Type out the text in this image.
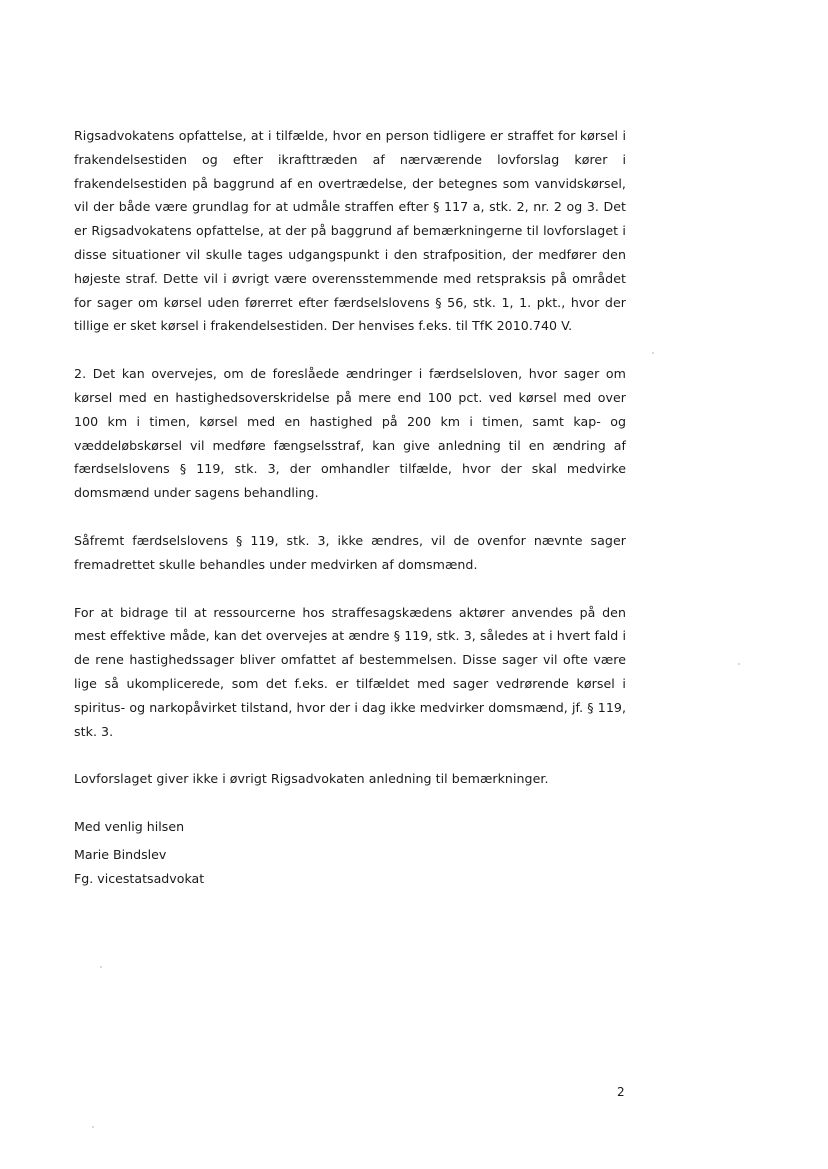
Rigsadvokatens opfattelse, at i tilfælde, hvor en person tidligere er straffet for kørsel i frakendelsestiden og efter ikrafttræden af nærværende lovforslag kører i frakendelsestiden på baggrund af en overtrædelse, der betegnes som vanvidskørsel, vil der både være grundlag for at udmåle straffen efter § 117 a, stk. 2, nr. 2 og 3. Det er Rigsadvokatens opfattelse, at der på baggrund af bemærkningerne til lovforslaget i disse situationer vil skulle tages udgangspunkt i den strafposition, der medfører den højeste straf. Dette vil i øvrigt være overensstemmende med retspraksis på området for sager om kørsel uden førerret efter færdselslovens § 56, stk. 1, 1. pkt., hvor der tillige er sket kørsel i frakendelsestiden. Der henvises f.eks. til TfK 2010.740 V.

2. Det kan overvejes, om de foreslåede ændringer i færdselsloven, hvor sager om kørsel med en hastighedsoverskridelse på mere end 100 pct. ved kørsel med over 100 km i timen, kørsel med en hastighed på 200 km i timen, samt kap- og væddeløbskørsel vil medføre fængselsstraf, kan give anledning til en ændring af færdselslovens § 119, stk. 3, der omhandler tilfælde, hvor der skal medvirke domsmænd under sagens behandling.

Såfremt færdselslovens § 119, stk. 3, ikke ændres, vil de ovenfor nævnte sager fremadrettet skulle behandles under medvirken af domsmænd.

For at bidrage til at ressourcerne hos straffesagskædens aktører anvendes på den mest effektive måde, kan det overvejes at ændre § 119, stk. 3, således at i hvert fald i de rene hastighedssager bliver omfattet af bestemmelsen. Disse sager vil ofte være lige så ukomplicerede, som det f.eks. er tilfældet med sager vedrørende kørsel i spiritus- og narkopåvirket tilstand, hvor der i dag ikke medvirker domsmænd, jf. § 119, stk. 3.

Lovforslaget giver ikke i øvrigt Rigsadvokaten anledning til bemærkninger.

Med venlig hilsen

Marie Bindslev
Fg. vicestatsadvokat
2
